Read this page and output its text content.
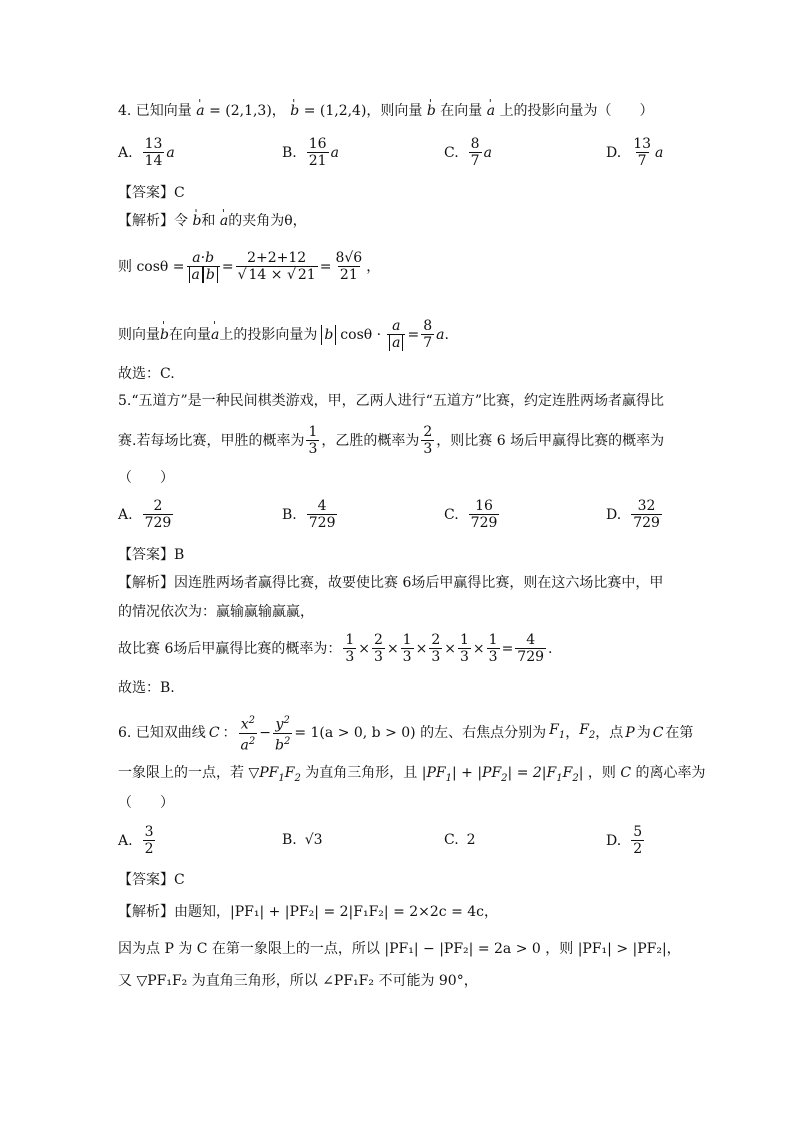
4. 已知向量 ' a = (2,1,3)， ' b = (1,2,4)，则向量 ' b 在向量 ' a 上的投影向量为（　　）
A. $\frac{13}{14}$ a	B. $\frac{16}{21}$ a	C. $\frac{8}{7}$ a	D. $\frac{13}{7}$ a
【答案】C
【解析】令 ' b和 ' a的夹角为θ，
则 $\cos\theta = \frac{a\cdot b}{\text{a b}} = \frac{2+2+12}{√ 14 \times √ 21} = \frac{8√6}{21}$ ，
则向量 ' b 在向量 ' a 上的投影向量为 b $\cos\theta \cdot \frac{a}{a} = \frac{8}{7}$ a .
故选：C.
5.“五道方”是一种民间棋类游戏，甲，乙两人进行“五道方”比赛，约定连胜两场者赢得比
赛.若每场比赛，甲胜的概率为 $\frac{1}{3}$ ，乙胜的概率为 $\frac{2}{3}$ ，则比赛 6 场后甲赢得比赛的概率为
（　　）
A. $\frac{2}{729}$	B. $\frac{4}{729}$	C. $\frac{16}{729}$	D. $\frac{32}{729}$
【答案】B
【解析】因连胜两场者赢得比赛，故要使比赛 6场后甲赢得比赛，则在这六场比赛中，甲
的情况依次为：赢输赢输赢赢，
故比赛 6场后甲赢得比赛的概率为： $\frac{1}{3} \times \frac{2}{3} \times \frac{1}{3} \times \frac{2}{3} \times \frac{1}{3} \times \frac{1}{3} = \frac{4}{729}$ .
故选：B.
6. 已知双曲线 C ： $\frac{x^2}{a^2} - \frac{y^2}{b^2} = 1(a > 0$, b > 0) 的左、右焦点分别为 $F_1$ ， $F_2$ ，点 P 为 C 在第
一象限上的一点，若 $▽PF_1F_2$ 为直角三角形，且 $|PF_1| + |PF_2| = 2|F_1F_2|$ ，则 C 的离心率为
（　　）
A. $\frac{3}{2}$	B. √3	C. 2	D. $\frac{5}{2}$
【答案】C
【解析】由题知，|PF₁| + |PF₂| = 2|F₁F₂| = 2×2c = 4c，
因为点 P 为 C 在第一象限上的一点，所以 |PF₁| − |PF₂| = 2a > 0 ，则 |PF₁| > |PF₂|，
又 ▽PF₁F₂ 为直角三角形，所以 ∠PF₁F₂ 不可能为 90°，
